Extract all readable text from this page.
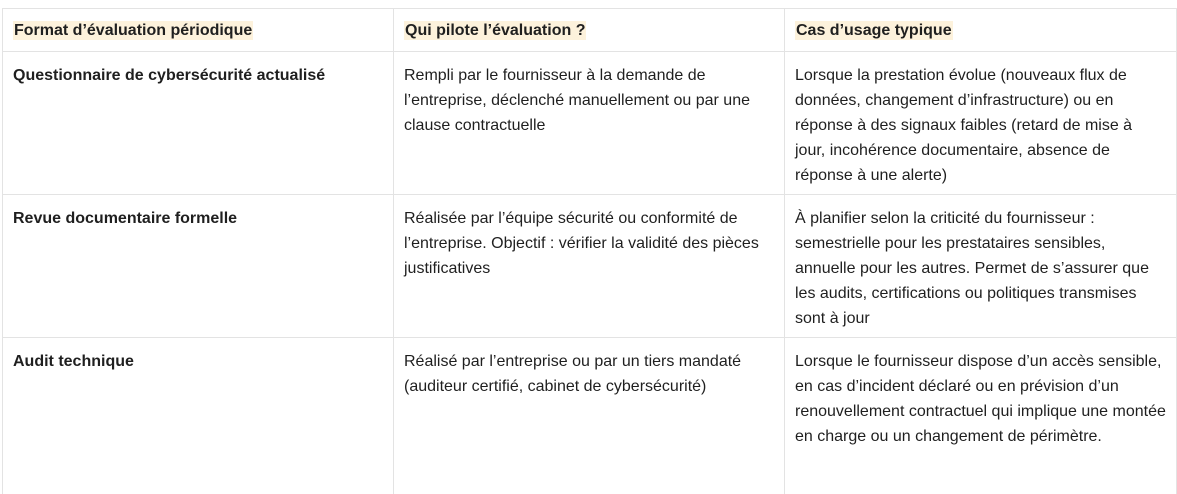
Format d’évaluation périodique	Qui pilote l’évaluation ?	Cas d’usage typique
Questionnaire de cybersécurité actualisé	Rempli par le fournisseur à la demande de l’entreprise, déclenché manuellement ou par une clause contractuelle	Lorsque la prestation évolue (nouveaux flux de données, changement d’infrastructure) ou en réponse à des signaux faibles (retard de mise à jour, incohérence documentaire, absence de réponse à une alerte)
Revue documentaire formelle	Réalisée par l’équipe sécurité ou conformité de l’entreprise. Objectif : vérifier la validité des pièces justificatives	À planifier selon la criticité du fournisseur : semestrielle pour les prestataires sensibles, annuelle pour les autres. Permet de s’assurer que les audits, certifications ou politiques transmises sont à jour
Audit technique	Réalisé par l’entreprise ou par un tiers mandaté (auditeur certifié, cabinet de cybersécurité)	Lorsque le fournisseur dispose d’un accès sensible, en cas d’incident déclaré ou en prévision d’un renouvellement contractuel qui implique une montée en charge ou un changement de périmètre.
